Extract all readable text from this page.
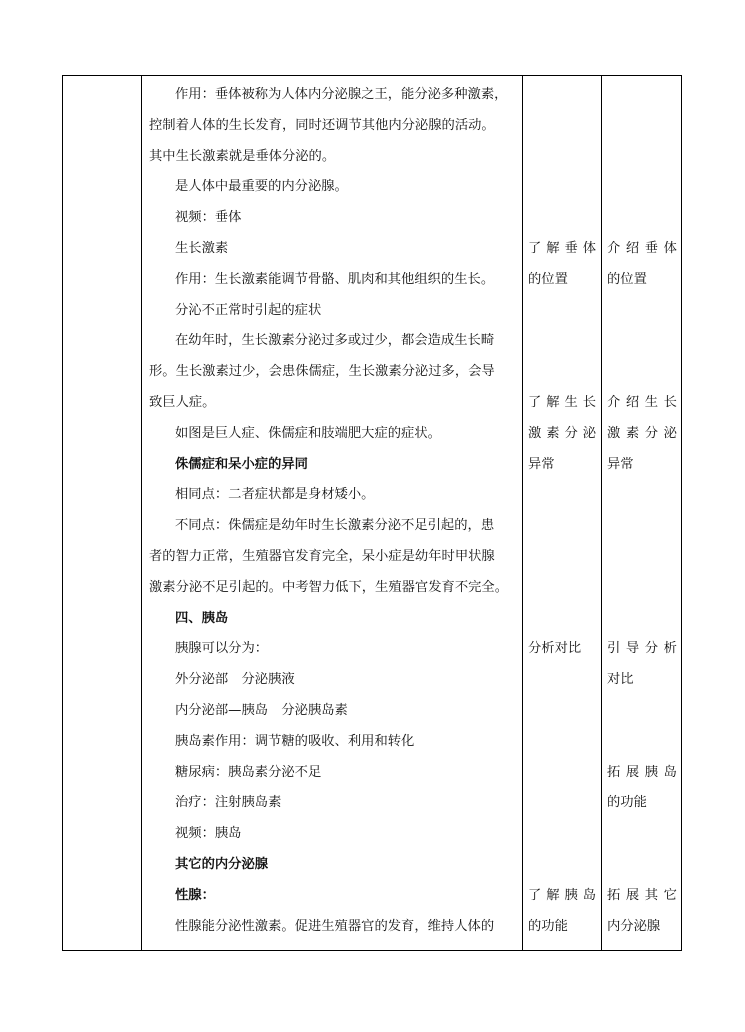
作用：垂体被称为人体内分泌腺之王，能分泌多种激素，
控制着人体的生长发育，同时还调节其他内分泌腺的活动。
其中生长激素就是垂体分泌的。
是人体中最重要的内分泌腺。
视频：垂体
生长激素
作用：生长激素能调节骨骼、肌肉和其他组织的生长。
分沁不正常时引起的症状
在幼年时，生长激素分泌过多或过少，都会造成生长畸
形。生长激素过少，会患侏儒症，生长激素分泌过多，会导
致巨人症。
如图是巨人症、侏儒症和肢端肥大症的症状。
侏儒症和呆小症的异同
相同点：二者症状都是身材矮小。
不同点：侏儒症是幼年时生长激素分泌不足引起的，患
者的智力正常，生殖器官发育完全，呆小症是幼年时甲状腺
激素分泌不足引起的。中考智力低下，生殖器官发育不完全。
四、胰岛
胰腺可以分为：
外分泌部　分泌胰液
内分泌部—胰岛　分泌胰岛素
胰岛素作用：调节糖的吸收、利用和转化
糖尿病：胰岛素分泌不足
治疗：注射胰岛素
视频：胰岛
其它的内分泌腺
性腺：
性腺能分泌性激素。促进生殖器官的发育，维持人体的
了 解 垂 体
的位置
了 解 生 长
激 素 分 泌
异常
分析对比
了 解 胰 岛
的功能
介 绍 垂 体
的位置
介 绍 生 长
激 素 分 泌
异常
引 导 分 析
对比
拓 展 胰 岛
的功能
拓 展 其 它
内分泌腺
